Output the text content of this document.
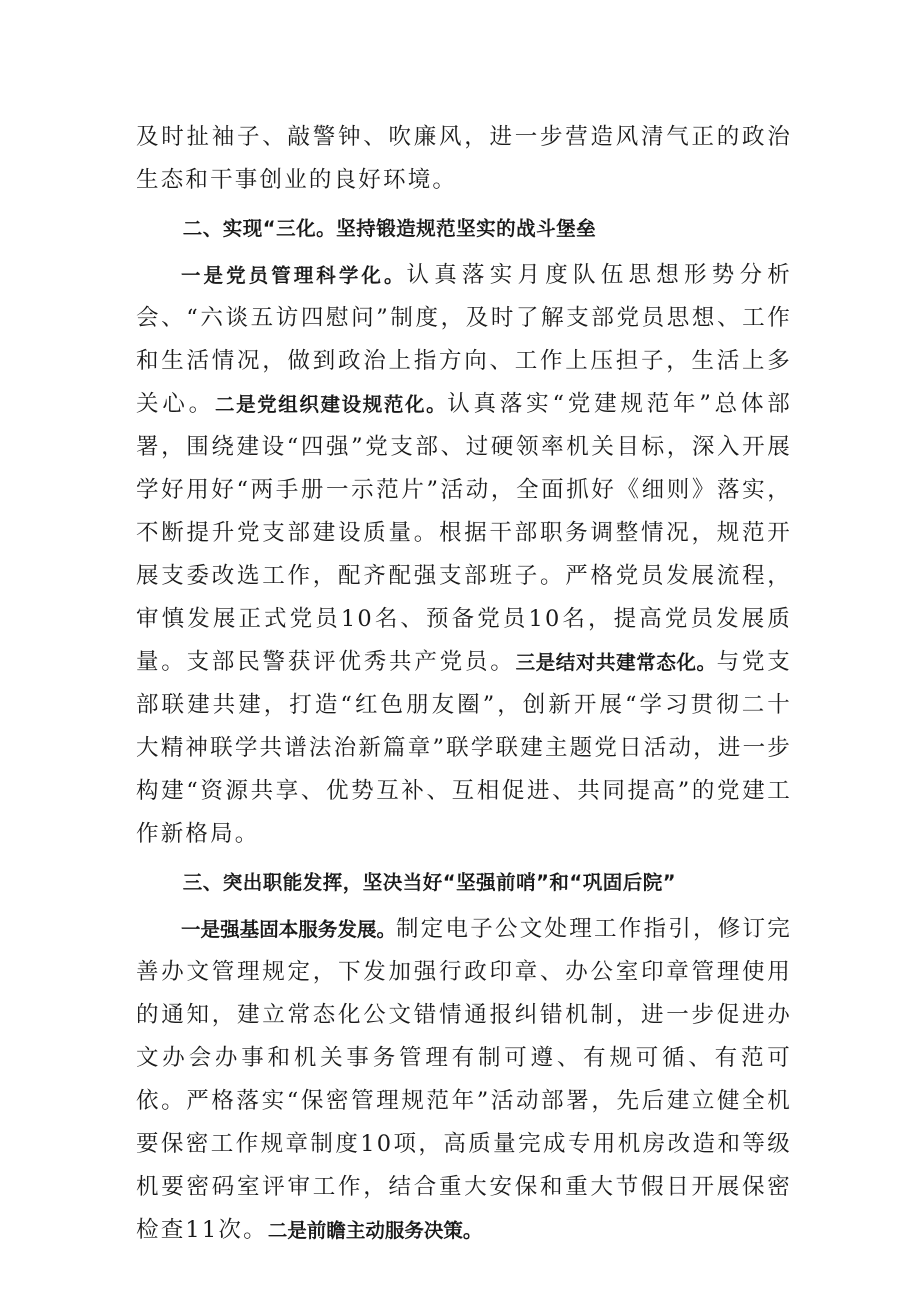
及时扯袖子、敲警钟、吹廉风，进一步营造风清气正的政治生态和干事创业的良好环境。

二、实现“三化。坚持锻造规范坚实的战斗堡垒

一是党员管理科学化。认真落实月度队伍思想形势分析会、“六谈五访四慰问”制度，及时了解支部党员思想、工作和生活情况，做到政治上指方向、工作上压担子，生活上多关心。二是党组织建设规范化。认真落实“党建规范年”总体部署，围绕建设“四强”党支部、过硬领率机关目标，深入开展学好用好“两手册一示范片”活动，全面抓好《细则》落实，不断提升党支部建设质量。根据干部职务调整情况，规范开展支委改选工作，配齐配强支部班子。严格党员发展流程，审慎发展正式党员10名、预备党员10名，提高党员发展质量。支部民警获评优秀共产党员。三是结对共建常态化。与党支部联建共建，打造“红色朋友圈”，创新开展“学习贯彻二十大精神联学共谱法治新篇章”联学联建主题党日活动，进一步构建“资源共享、优势互补、互相促进、共同提高”的党建工作新格局。

三、突出职能发挥，坚决当好“坚强前哨”和“巩固后院”

一是强基固本服务发展。制定电子公文处理工作指引，修订完善办文管理规定，下发加强行政印章、办公室印章管理使用的通知，建立常态化公文错情通报纠错机制，进一步促进办文办会办事和机关事务管理有制可遵、有规可循、有范可依。严格落实“保密管理规范年”活动部署，先后建立健全机要保密工作规章制度10项，高质量完成专用机房改造和等级机要密码室评审工作，结合重大安保和重大节假日开展保密检查11次。二是前瞻主动服务决策。
